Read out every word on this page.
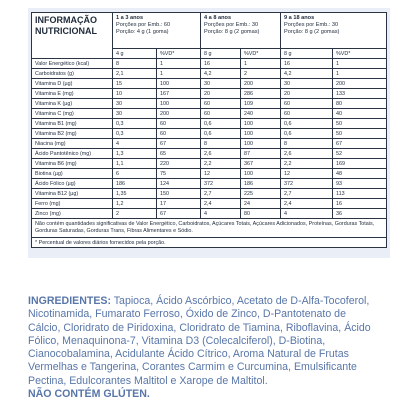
INFORMAÇÃO
NUTRICIONAL	1 a 3 anos
Porções por Emb.: 60
Porção: 4 g (1 goma)		4 a 8 anos
Porções por Emb.: 30
Porção: 8 g (2 gomas)		9 a 18 anos
Porções por Emb.: 30
Porção: 8 g (2 gomas)	

	4 g	%VD*	8 g	%VD*	8 g	%VD*
Valor Energético (kcal)	8	1	16	1	16	1
Carboidratos (g)	2,1	1	4,2	2	4,2	1
Vitamina D (µg)	15	100	30	200	30	200
Vitamina E (mg)	10	167	20	286	20	133
Vitamina K (µg)	30	100	60	109	60	80
Vitamina C (mg)	30	200	60	240	60	40
Vitamina B1 (mg)	0,3	60	0,6	100	0,6	50
Vitamina B2 (mg)	0,3	60	0,6	100	0,6	50
Niacina (mg)	4	67	8	100	8	67
Ácido Pantotênico (mg)	1,3	65	2,6	87	2,6	52
Vitamina B6 (mg)	1,1	220	2,2	367	2,2	169
Biotina (µg)	6	75	12	100	12	48
Ácido Fólico (µg)	186	124	372	186	372	93
Vitamina B12 (µg)	1,35	150	2,7	225	2,7	113
Ferro (mg)	1,2	17	2,4	24	2,4	16
Zinco (mg)	2	67	4	80	4	36
Não contém quantidades significativas de Valor Energético, Carboidratos, Açúcares Totais, Açúcares Adicionados, Proteínas, Gorduras Totais, Gorduras Saturadas, Gorduras Trans, Fibras Alimentares e Sódio.						
* Percentual de valores diários fornecidos pela porção.						
INGREDIENTES: Tapioca, Ácido Ascórbico, Acetato de D-Alfa-Tocoferol, Nicotinamida, Fumarato Ferroso, Óxido de Zinco, D-Pantotenato de Cálcio, Cloridrato de Piridoxina, Cloridrato de Tiamina, Riboflavina, Ácido Fólico, Menaquinona-7, Vitamina D3 (Colecalciferol), D-Biotina, Cianocobalamina, Acidulante Ácido Cítrico, Aroma Natural de Frutas Vermelhas e Tangerina, Corantes Carmim e Curcumina, Emulsificante Pectina, Edulcorantes Maltitol e Xarope de Maltitol.
NÃO CONTÉM GLÚTEN.
